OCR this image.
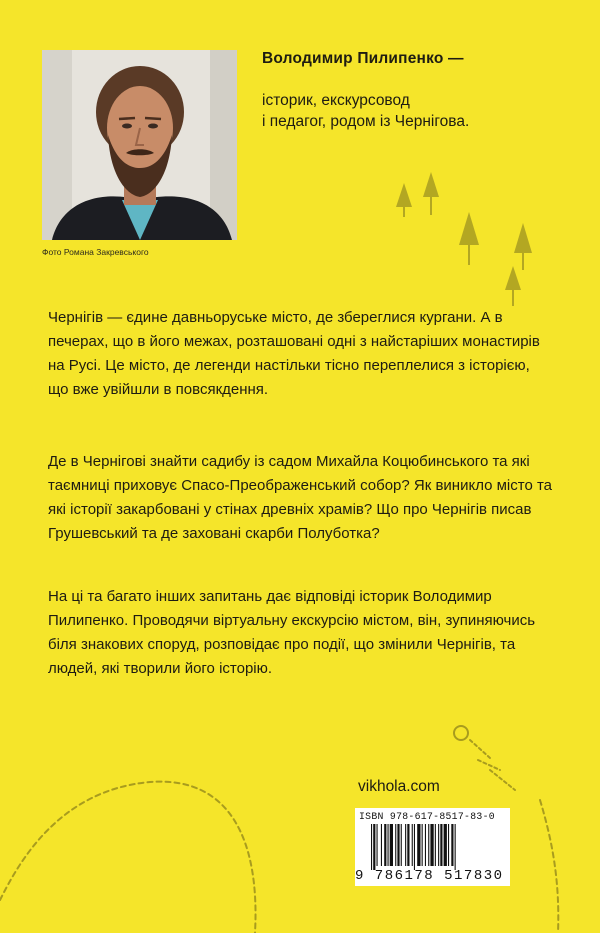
Фото Романа Закревського
Володимир Пилипенко —
історик, екскурсовод
і педагог, родом із Чернігова.

Чернігів — єдине давньоруське місто, де збереглися кургани. А в печерах, що в його межах, розташовані одні з найстаріших монастирів на Русі. Це місто, де легенди настільки тісно переплелися з історією, що вже увійшли в повсякдення.

Де в Чернігові знайти садибу із садом Михайла Коцюбинського та які таємниці приховує Спасо-Преображенський собор? Як виникло місто та які історії закарбовані у стінах древніх храмів? Що про Чернігів писав Грушевський та де заховані скарби Полуботка?

На ці та багато інших запитань дає відповіді історик Володимир Пилипенко. Проводячи віртуальну екскурсію містом, він, зупиняючись біля знакових споруд, розповідає про події, що змінили Чернігів, та людей, які творили його історію.

vikhola.com
ISBN 978-617-8517-83-0
9 786178 517830
